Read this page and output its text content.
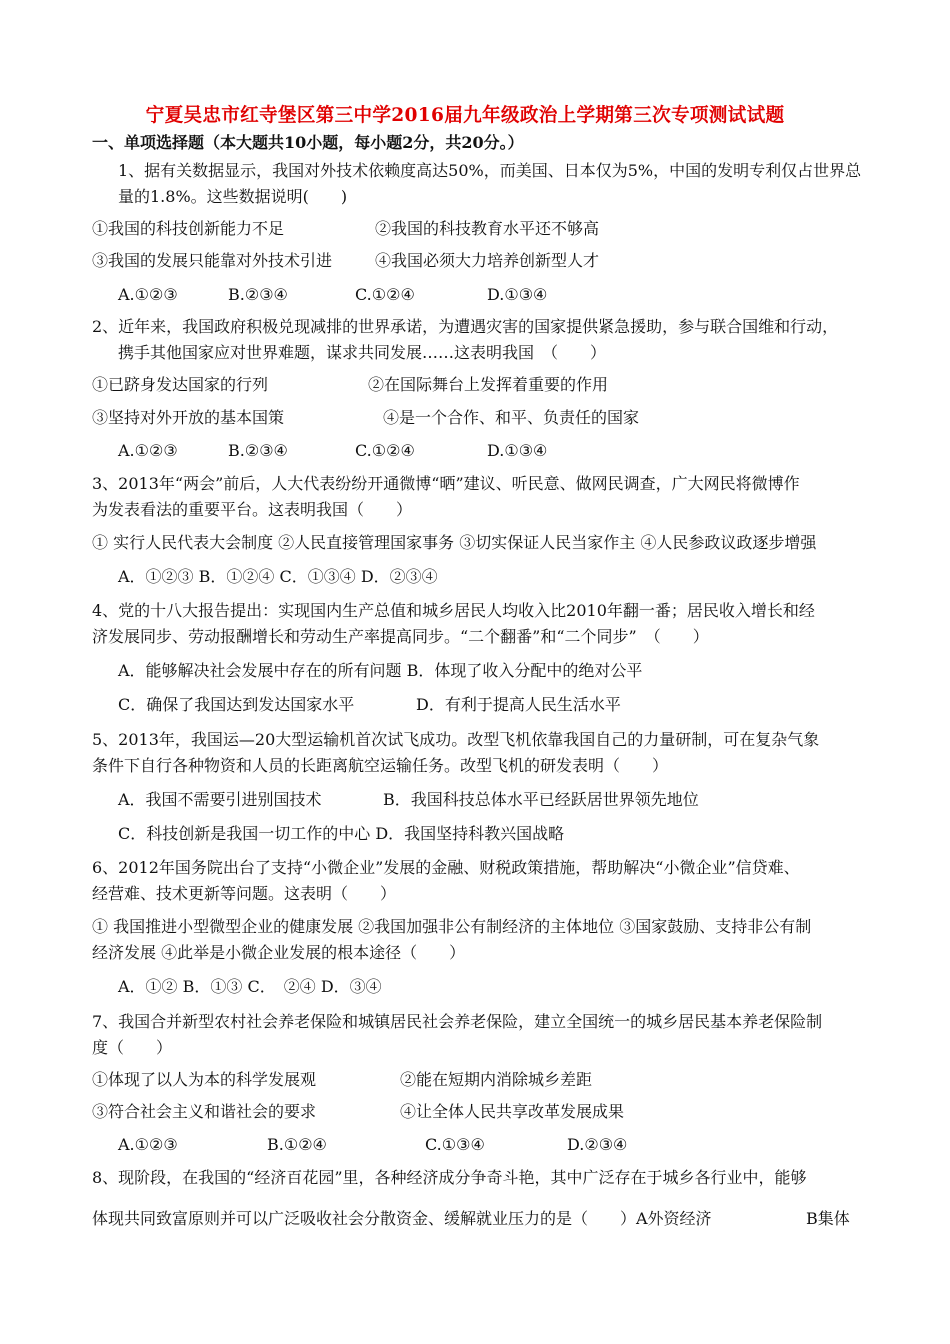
宁夏吴忠市红寺堡区第三中学2016届九年级政治上学期第三次专项测试试题
一、单项选择题（本大题共10小题，每小题2分，共20分。）
1、据有关数据显示，我国对外技术依赖度高达50%，而美国、日本仅为5%，中国的发明专利仅占世界总
量的1.8%。这些数据说明(　　)
①我国的科技创新能力不足	②我国的科技教育水平还不够高
③我国的发展只能靠对外技术引进	④我国必须大力培养创新型人才
A.①②③	B.②③④	C.①②④	D.①③④
2、近年来，我国政府积极兑现减排的世界承诺，为遭遇灾害的国家提供紧急援助，参与联合国维和行动，
携手其他国家应对世界难题，谋求共同发展……这表明我国　（　　）
①已跻身发达国家的行列	②在国际舞台上发挥着重要的作用
③坚持对外开放的基本国策	④是一个合作、和平、负责任的国家
A.①②③	B.②③④	C.①②④	D.①③④
3、2013年“两会”前后，人大代表纷纷开通微博“晒”建议、听民意、做网民调查，广大网民将微博作
为发表看法的重要平台。这表明我国（　　）
① 实行人民代表大会制度 ②人民直接管理国家事务 ③切实保证人民当家作主 ④人民参政议政逐步增强
A．①②③ B．①②④ C．①③④ D．②③④
4、党的十八大报告提出：实现国内生产总值和城乡居民人均收入比2010年翻一番；居民收入增长和经
济发展同步、劳动报酬增长和劳动生产率提高同步。“二个翻番”和“二个同步”　（　　）
A．能够解决社会发展中存在的所有问题 B．体现了收入分配中的绝对公平
C．确保了我国达到发达国家水平	D．有利于提高人民生活水平
5、2013年，我国运—20大型运输机首次试飞成功。改型飞机依靠我国自己的力量研制，可在复杂气象
条件下自行各种物资和人员的长距离航空运输任务。改型飞机的研发表明（　　）
A．我国不需要引进别国技术	B．我国科技总体水平已经跃居世界领先地位
C．科技创新是我国一切工作的中心 D．我国坚持科教兴国战略
6、2012年国务院出台了支持“小微企业”发展的金融、财税政策措施，帮助解决“小微企业”信贷难、
经营难、技术更新等问题。这表明（　　）
① 我国推进小型微型企业的健康发展 ②我国加强非公有制经济的主体地位 ③国家鼓励、支持非公有制
经济发展 ④此举是小微企业发展的根本途径（　　）
A．①② B．①③ C．　②④ D．③④
7、我国合并新型农村社会养老保险和城镇居民社会养老保险，建立全国统一的城乡居民基本养老保险制
度（　　）
①体现了以人为本的科学发展观	②能在短期内消除城乡差距
③符合社会主义和谐社会的要求	④让全体人民共享改革发展成果
A.①②③	B.①②④	C.①③④	D.②③④
8、现阶段，在我国的“经济百花园”里，各种经济成分争奇斗艳，其中广泛存在于城乡各行业中，能够
体现共同致富原则并可以广泛吸收社会分散资金、缓解就业压力的是（　　）A外资经济	B集体
